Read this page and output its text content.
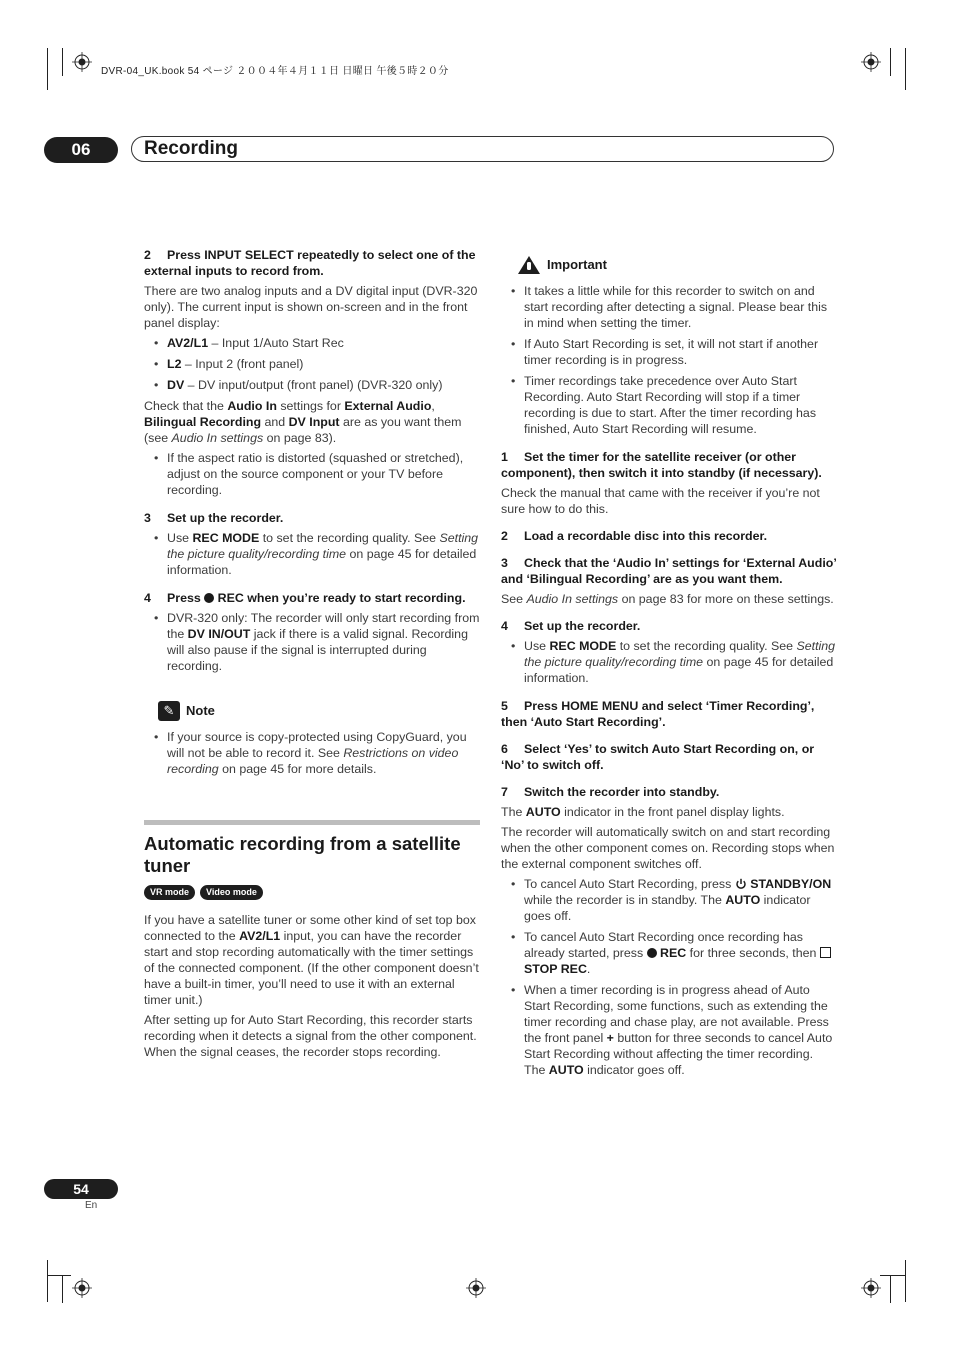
DVR-04_UK.book 54 ページ ２００４年４月１１日 日曜日 午後５時２０分
06	Recording

2 Press INPUT SELECT repeatedly to select one of the external inputs to record from.

There are two analog inputs and a DV digital input (DVR-320 only). The current input is shown on-screen and in the front panel display:

• AV2/L1 – Input 1/Auto Start Rec
• L2 – Input 2 (front panel)
• DV – DV input/output (front panel) (DVR-320 only)

Check that the Audio In settings for External Audio, Bilingual Recording and DV Input are as you want them (see Audio In settings on page 83).

• If the aspect ratio is distorted (squashed or stretched), adjust on the source component or your TV before recording.

3 Set up the recorder.

• Use REC MODE to set the recording quality. See Setting the picture quality/recording time on page 45 for detailed information.

4 Press  REC when you’re ready to start recording.

• DVR-320 only: The recorder will only start recording from the DV IN/OUT jack if there is a valid signal. Recording will also pause if the signal is interrupted during recording.
✎ Note
• If your source is copy-protected using CopyGuard, you will not be able to record it. See Restrictions on video recording on page 45 for more details.
Automatic recording from a satellite tuner
VR mode	Video mode

If you have a satellite tuner or some other kind of set top box connected to the AV2/L1 input, you can have the recorder start and stop recording automatically with the timer settings of the connected component. (If the other component doesn’t have a built-in timer, you’ll need to use it with an external timer unit.)

After setting up for Auto Start Recording, this recorder starts recording when it detects a signal from the other component. When the signal ceases, the recorder stops recording.

Important
• It takes a little while for this recorder to switch on and start recording after detecting a signal. Please bear this in mind when setting the timer.
• If Auto Start Recording is set, it will not start if another timer recording is in progress.
• Timer recordings take precedence over Auto Start Recording. Auto Start Recording will stop if a timer recording is due to start. After the timer recording has finished, Auto Start Recording will resume.

1 Set the timer for the satellite receiver (or other component), then switch it into standby (if necessary).

Check the manual that came with the receiver if you’re not sure how to do this.

2 Load a recordable disc into this recorder.

3 Check that the ‘Audio In’ settings for ‘External Audio’ and ‘Bilingual Recording’ are as you want them.

See Audio In settings on page 83 for more on these settings.

4 Set up the recorder.

• Use REC MODE to set the recording quality. See Setting the picture quality/recording time on page 45 for detailed information.

5 Press HOME MENU and select ‘Timer Recording’, then ‘Auto Start Recording’.

6 Select ‘Yes’ to switch Auto Start Recording on, or ‘No’ to switch off.

7 Switch the recorder into standby.

The AUTO indicator in the front panel display lights.

The recorder will automatically switch on and start recording when the other component comes on. Recording stops when the external component switches off.

• To cancel Auto Start Recording, press  STANDBY/ON while the recorder is in standby. The AUTO indicator goes off.
• To cancel Auto Start Recording once recording has already started, press  REC for three seconds, then  STOP REC.
• When a timer recording is in progress ahead of Auto Start Recording, some functions, such as extending the timer recording and chase play, are not available. Press the front panel + button for three seconds to cancel Auto Start Recording without affecting the timer recording. The AUTO indicator goes off.
54
En
